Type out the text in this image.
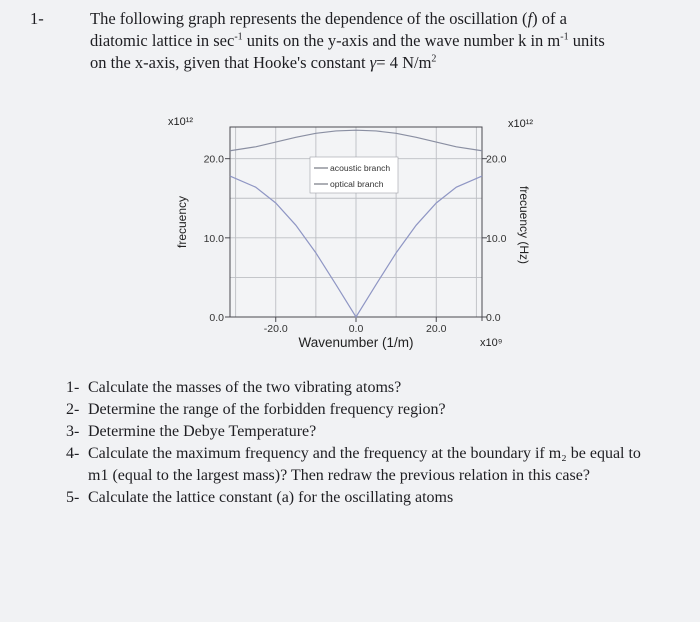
1-	The following graph represents the dependence of the oscillation (f) of a
diatomic lattice in $\sec^{-1}$ units on the y-axis and the wave number k in $m^{-1}$ units
on the x-axis, given that Hooke's constant γ= 4 $N/m^2$
0.0
10.0
20.0
0.0
10.0
20.0
-20.0	0.0	20.0
acoustic branch
optical branch
Wavenumber (1/m)
frecuency	frecuency (Hz)
x10¹²	x10¹²
x10⁹
1- Calculate the masses of the two vibrating atoms?
2- Determine the range of the forbidden frequency region?
3- Determine the Debye Temperature?
4- Calculate the maximum frequency and the frequency at the boundary if m₂ be equal to m1 (equal to the largest mass)? Then redraw the previous relation in this case?
5- Calculate the lattice constant (a) for the oscillating atoms
